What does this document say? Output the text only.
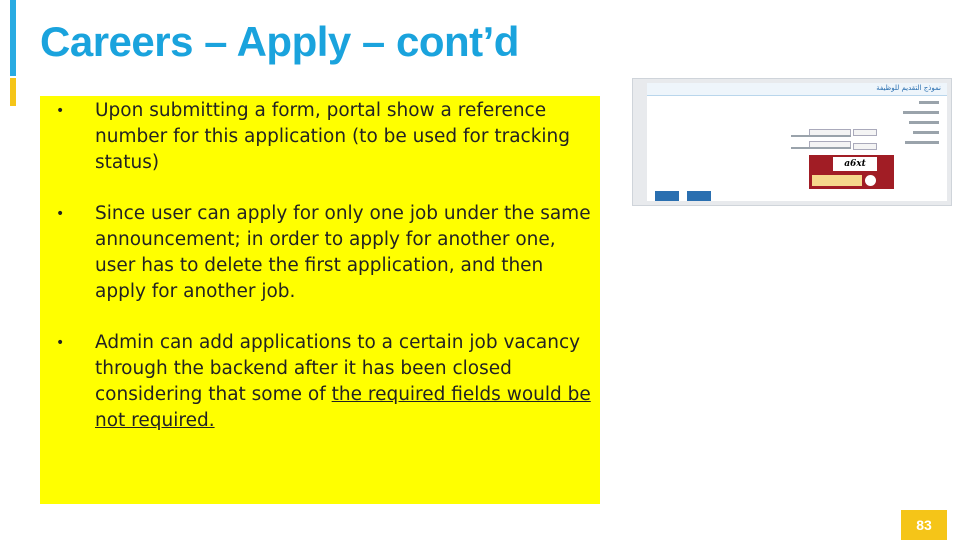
Careers – Apply – cont’d
• Upon submitting a form, portal show a reference number for this application (to be used for tracking status)
• Since user can apply for only one job under the same announcement; in order to apply for another one, user has to delete the first application, and then apply for another job.
• Admin can add applications to a certain job vacancy through the backend after it has been closed considering that some of the required fields would be not required.
نموذج التقديم للوظيفة
a6xt
83
